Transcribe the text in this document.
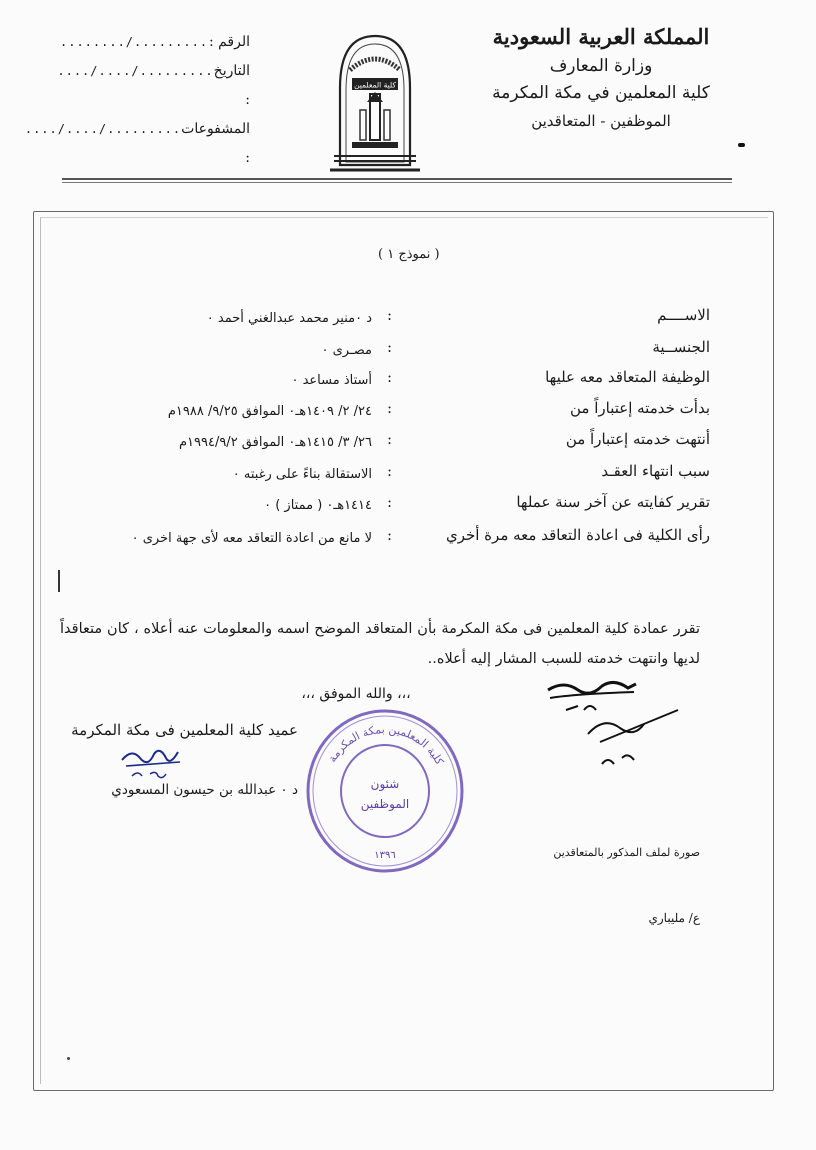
المملكة العربية السعودية
وزارة المعارف
كلية المعلمين في مكة المكرمة
الموظفين - المتعاقدين
الرقم :
........./........
التاريخ :
........./..../....
المشفوعات :
........./..../....
كلية المعلمين
( نموذج ١ )
الاســــم
:
د ٠منير محمد عبدالغني أحمد ٠
الجنســية
:
مصـرى ٠
الوظيفة المتعاقد معه عليها
:
أستاذ مساعد ٠
بدأت خدمته إعتباراً من
:
٢٤/ ٢/ ١٤٠٩هـ٠ الموافق ٩/٢٥/ ١٩٨٨م
أنتهت خدمته إعتباراً من
:
٢٦/ ٣/ ١٤١٥هـ٠ الموافق ١٩٩٤/٩/٢م
سبب انتهاء العقـد
:
الاستقالة بناءً على رغبته ٠
تقرير كفايته عن آخر سنة عملها
:
١٤١٤هـ٠ ( ممتاز ) ٠
رأى الكلية فى اعادة التعاقد معه مرة أخري
:
لا مانع من اعادة التعاقد معه لأى جهة اخرى ٠
تقرر عمادة كلية المعلمين فى مكة المكرمة بأن المتعاقد الموضح اسمه والمعلومات عنه أعلاه ، كان متعاقداً لديها وانتهت خدمته للسبب المشار إليه أعلاه..
،،، والله الموفق ،،،
عميد كلية المعلمين فى مكة المكرمة
د ٠ عبدالله بن حيسون المسعودي
كلية المعلمين بمكة المكرمة
شئون
الموظفين
١٣٩٦	صورة لملف المذكور بالمتعاقدين
ع/ مليباري
